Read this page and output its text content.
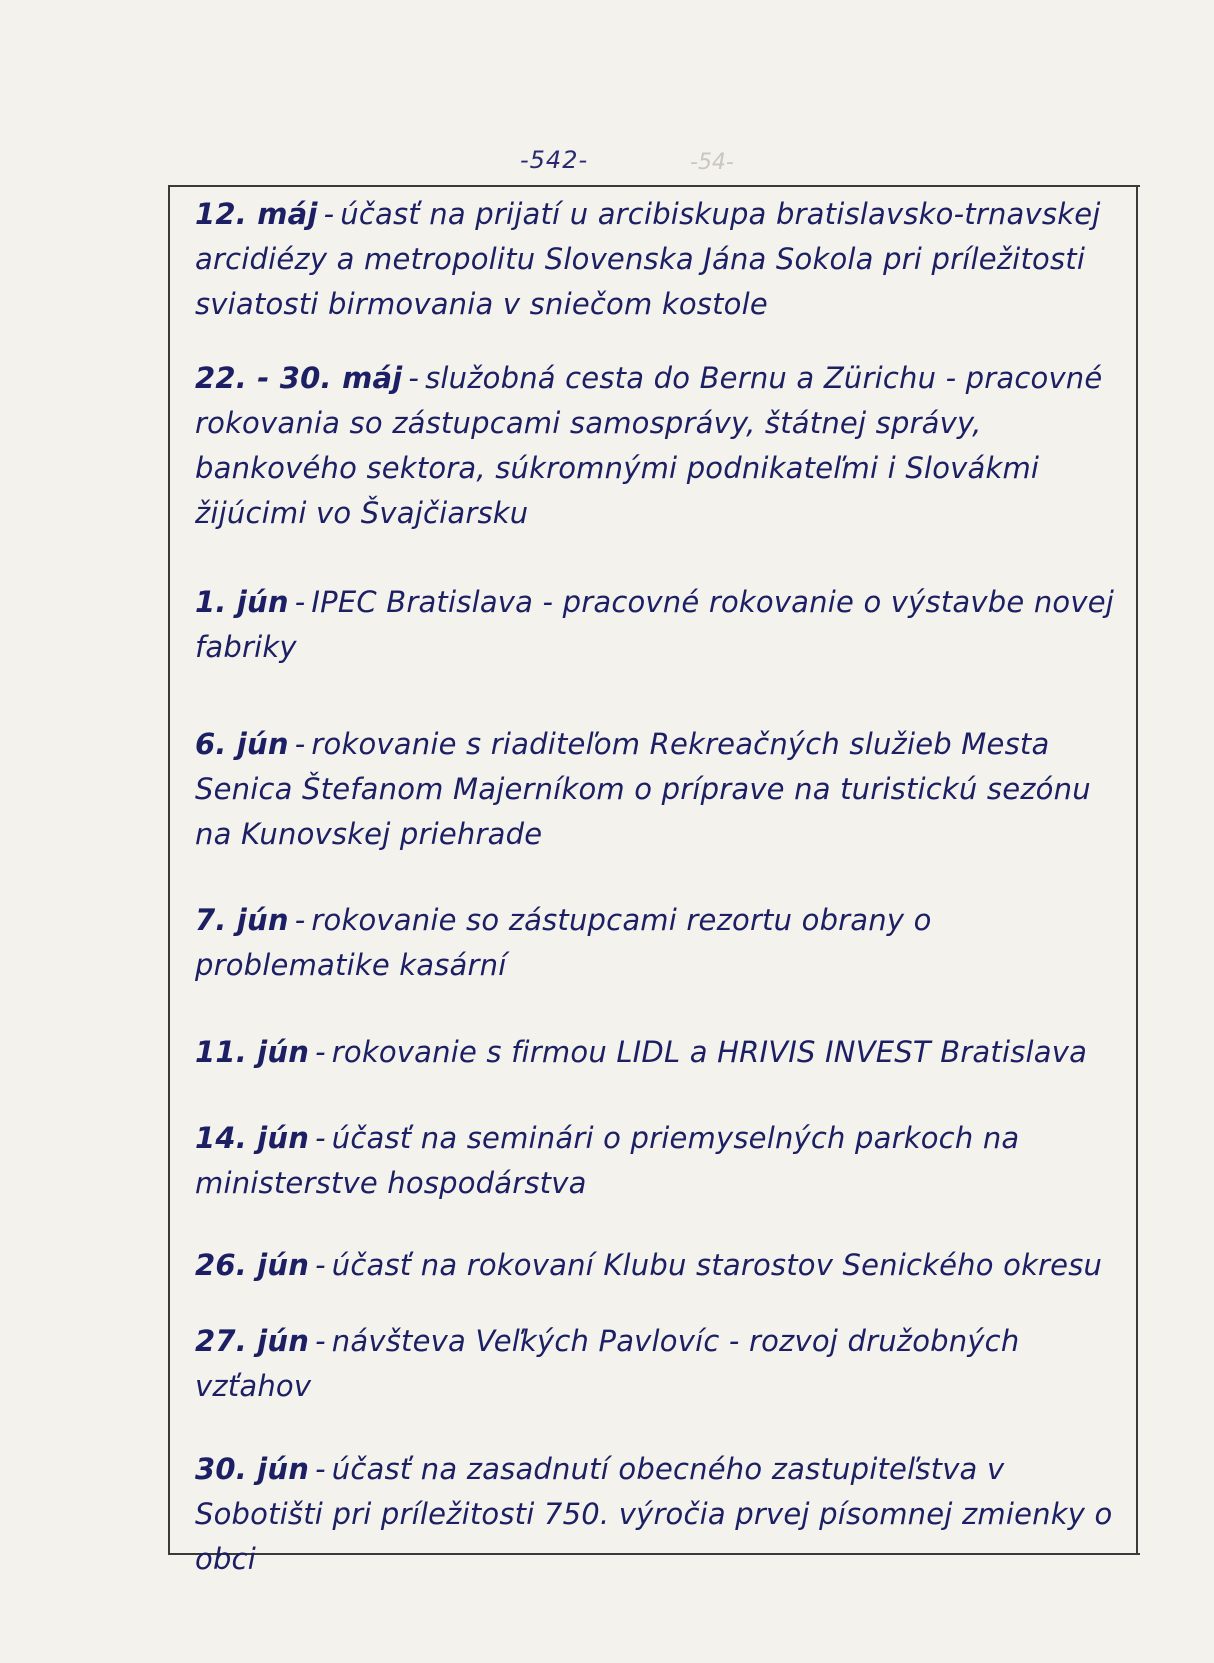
-542-	-54-
12. máj - účasť na prijatí u arcibiskupa bratislavsko-trnavskej arcidiézy a metropolitu Slovenska Jána Sokola pri príležitosti sviatosti birmovania v sniečom kostole
22. - 30. máj - služobná cesta do Bernu a Zürichu - pracovné rokovania so zástupcami samosprávy, štátnej správy, bankového sektora, súkromnými podnikateľmi i Slovákmi žijúcimi vo Švajčiarsku
1. jún - IPEC Bratislava - pracovné rokovanie o výstavbe novej fabriky
6. jún - rokovanie s riaditeľom Rekreačných služieb Mesta Senica Štefanom Majerníkom o príprave na turistickú sezónu na Kunovskej priehrade
7. jún - rokovanie so zástupcami rezortu obrany o problematike kasární
11. jún - rokovanie s firmou LIDL a HRIVIS INVEST Bratislava
14. jún - účasť na seminári o priemyselných parkoch na ministerstve hospodárstva
26. jún - účasť na rokovaní Klubu starostov Senického okresu
27. jún - návšteva Veľkých Pavlovíc - rozvoj družobných vzťahov
30. jún - účasť na zasadnutí obecného zastupiteľstva v Sobotišti pri príležitosti 750. výročia prvej písomnej zmienky o obci
